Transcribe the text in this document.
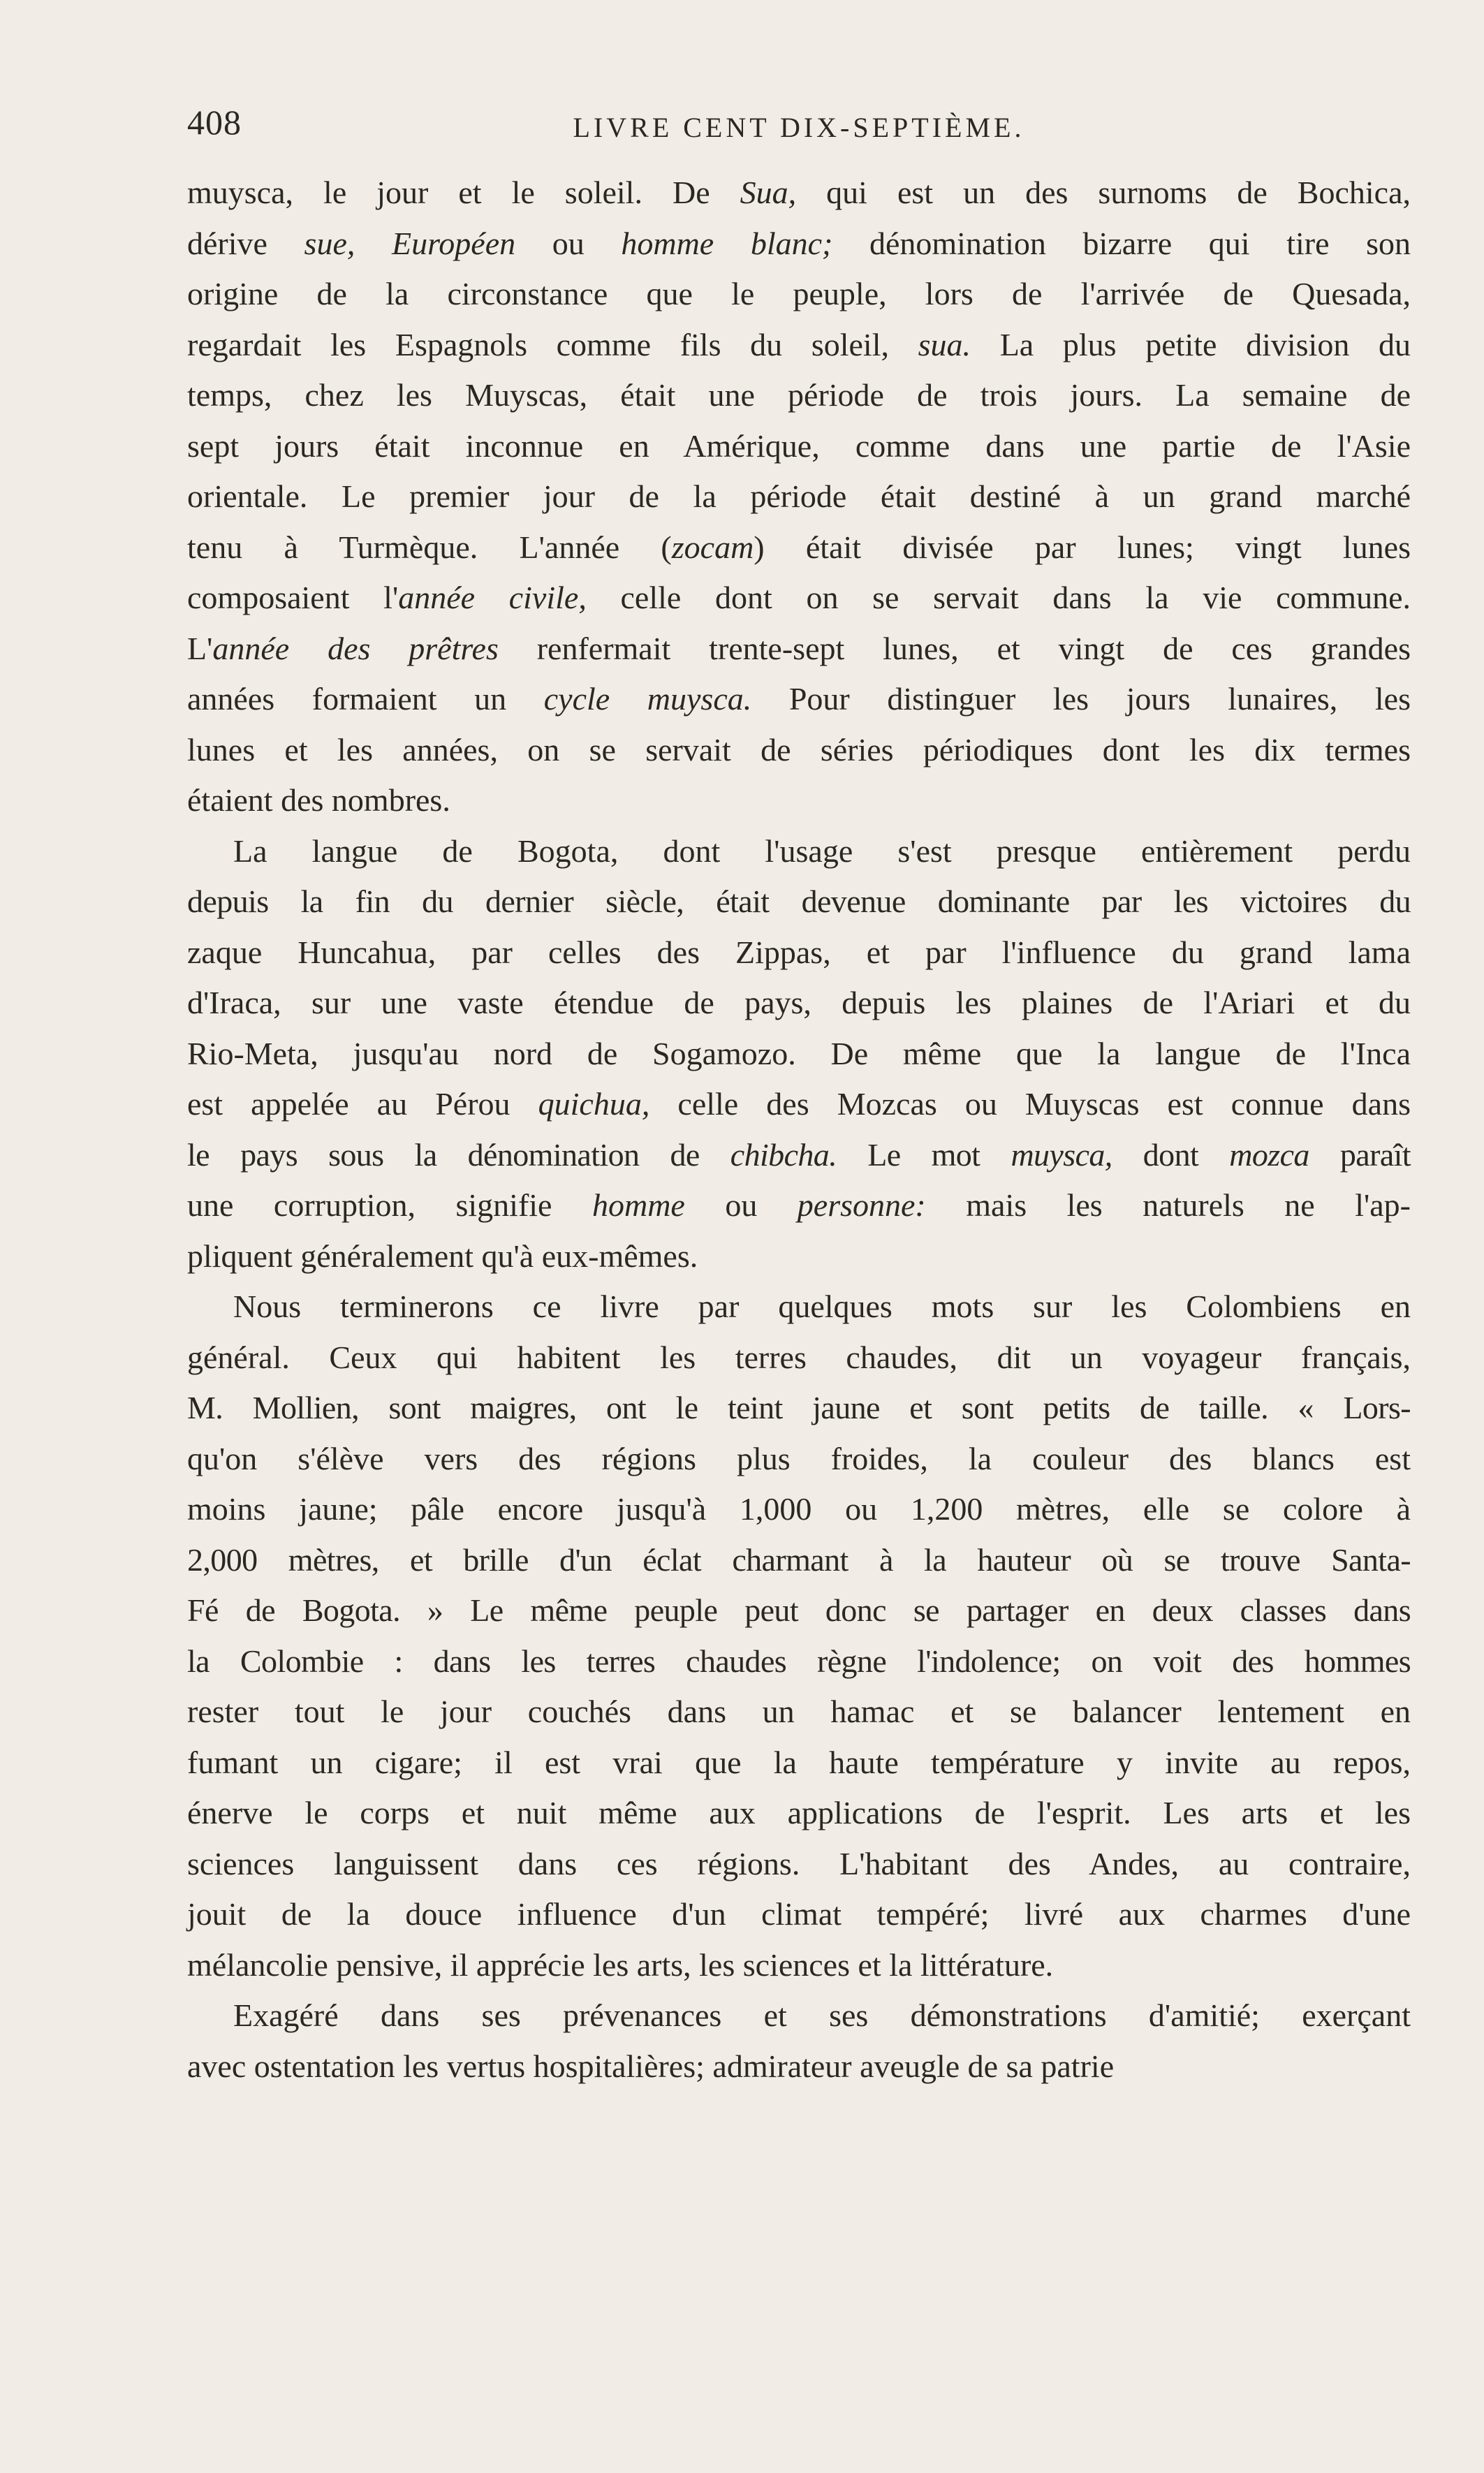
408	LIVRE CENT DIX-SEPTIÈME.
muysca, le jour et le soleil. De Sua, qui est un des surnoms de Bochica,
dérive sue, Européen ou homme blanc; dénomination bizarre qui tire son
origine de la circonstance que le peuple, lors de l'arrivée de Quesada,
regardait les Espagnols comme fils du soleil, sua. La plus petite division du
temps, chez les Muyscas, était une période de trois jours. La semaine de
sept jours était inconnue en Amérique, comme dans une partie de l'Asie
orientale. Le premier jour de la période était destiné à un grand marché
tenu à Turmèque. L'année (zocam) était divisée par lunes; vingt lunes
composaient l'année civile, celle dont on se servait dans la vie commune.
L'année des prêtres renfermait trente-sept lunes, et vingt de ces grandes
années formaient un cycle muysca. Pour distinguer les jours lunaires, les
lunes et les années, on se servait de séries périodiques dont les dix termes
étaient des nombres.
La langue de Bogota, dont l'usage s'est presque entièrement perdu
depuis la fin du dernier siècle, était devenue dominante par les victoires du
zaque Huncahua, par celles des Zippas, et par l'influence du grand lama
d'Iraca, sur une vaste étendue de pays, depuis les plaines de l'Ariari et du
Rio-Meta, jusqu'au nord de Sogamozo. De même que la langue de l'Inca
est appelée au Pérou quichua, celle des Mozcas ou Muyscas est connue dans
le pays sous la dénomination de chibcha. Le mot muysca, dont mozca paraît
une corruption, signifie homme ou personne: mais les naturels ne l'ap-
pliquent généralement qu'à eux-mêmes.
Nous terminerons ce livre par quelques mots sur les Colombiens en
général. Ceux qui habitent les terres chaudes, dit un voyageur français,
M. Mollien, sont maigres, ont le teint jaune et sont petits de taille. « Lors-
qu'on s'élève vers des régions plus froides, la couleur des blancs est
moins jaune; pâle encore jusqu'à 1,000 ou 1,200 mètres, elle se colore à
2,000 mètres, et brille d'un éclat charmant à la hauteur où se trouve Santa-
Fé de Bogota. » Le même peuple peut donc se partager en deux classes dans
la Colombie : dans les terres chaudes règne l'indolence; on voit des hommes
rester tout le jour couchés dans un hamac et se balancer lentement en
fumant un cigare; il est vrai que la haute température y invite au repos,
énerve le corps et nuit même aux applications de l'esprit. Les arts et les
sciences languissent dans ces régions. L'habitant des Andes, au contraire,
jouit de la douce influence d'un climat tempéré; livré aux charmes d'une
mélancolie pensive, il apprécie les arts, les sciences et la littérature.
Exagéré dans ses prévenances et ses démonstrations d'amitié; exerçant
avec ostentation les vertus hospitalières; admirateur aveugle de sa patrie
